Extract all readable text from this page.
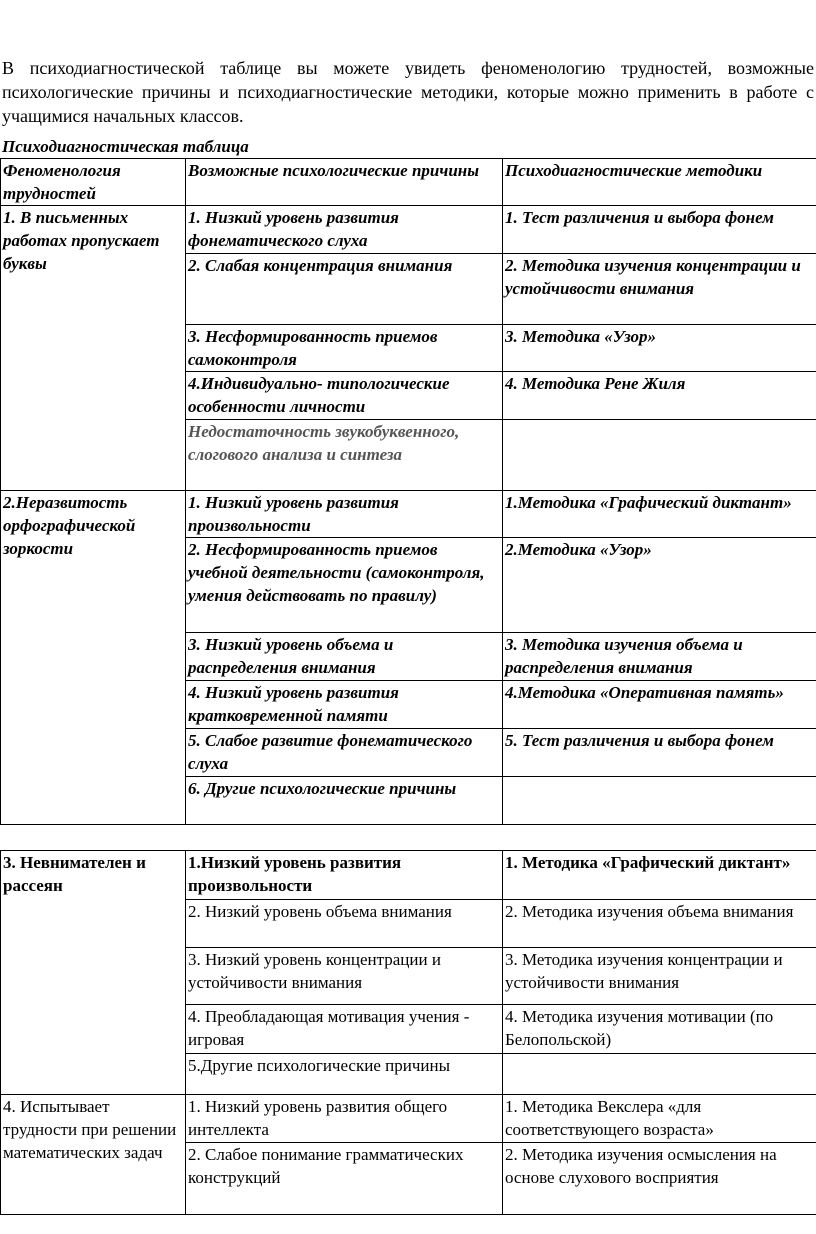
В психодиагностической таблице вы можете увидеть феноменологию трудностей, возможные психологические причины и психодиагностические методики, которые можно применить в работе с учащимися начальных классов.

Психодиагностическая таблица
Феноменология трудностей	Возможные психологические причины	Психодиагностические методики
1. В письменных работах пропускает буквы	1. Низкий уровень развития фонематического слуха	1. Тест различения и выбора фонем
	2. Слабая концентрация внимания	2. Методика изучения концентрации и устойчивости внимания
	3. Несформированность приемов самоконтроля	3. Методика «Узор»
	4.Индивидуально- типологические особенности личности	4. Методика Рене Жиля
	Недостаточность звукобуквенного, слогового анализа и синтеза	
2.Неразвитость орфографической зоркости	1. Низкий уровень развития произвольности	1.Методика «Графический диктант»
	2. Несформированность приемов учебной деятельности (самоконтроля, умения действовать по правилу)	2.Методика «Узор»
	3. Низкий уровень объема и распределения внимания	3. Методика изучения объема и распределения внимания
	4. Низкий уровень развития кратковременной памяти	4.Методика «Оперативная память»
	5. Слабое развитие фонематического слуха	5. Тест различения и выбора фонем
	6. Другие психологические причины	
3. Невнимателен и рассеян	1.Низкий уровень развития произвольности	1. Методика «Графический диктант»
	2. Низкий уровень объема внимания	2. Методика изучения объема внимания
	3. Низкий уровень концентрации и устойчивости внимания	3. Методика изучения концентрации и устойчивости внимания
	4. Преобладающая мотивация учения - игровая	4. Методика изучения мотивации (по Белопольской)
	5.Другие психологические причины	
4. Испытывает трудности при решении математических задач	1. Низкий уровень развития общего интеллекта	1. Методика Векслера «для соответствующего возраста»
	2. Слабое понимание грамматических конструкций	2. Методика изучения осмысления на основе слухового восприятия
